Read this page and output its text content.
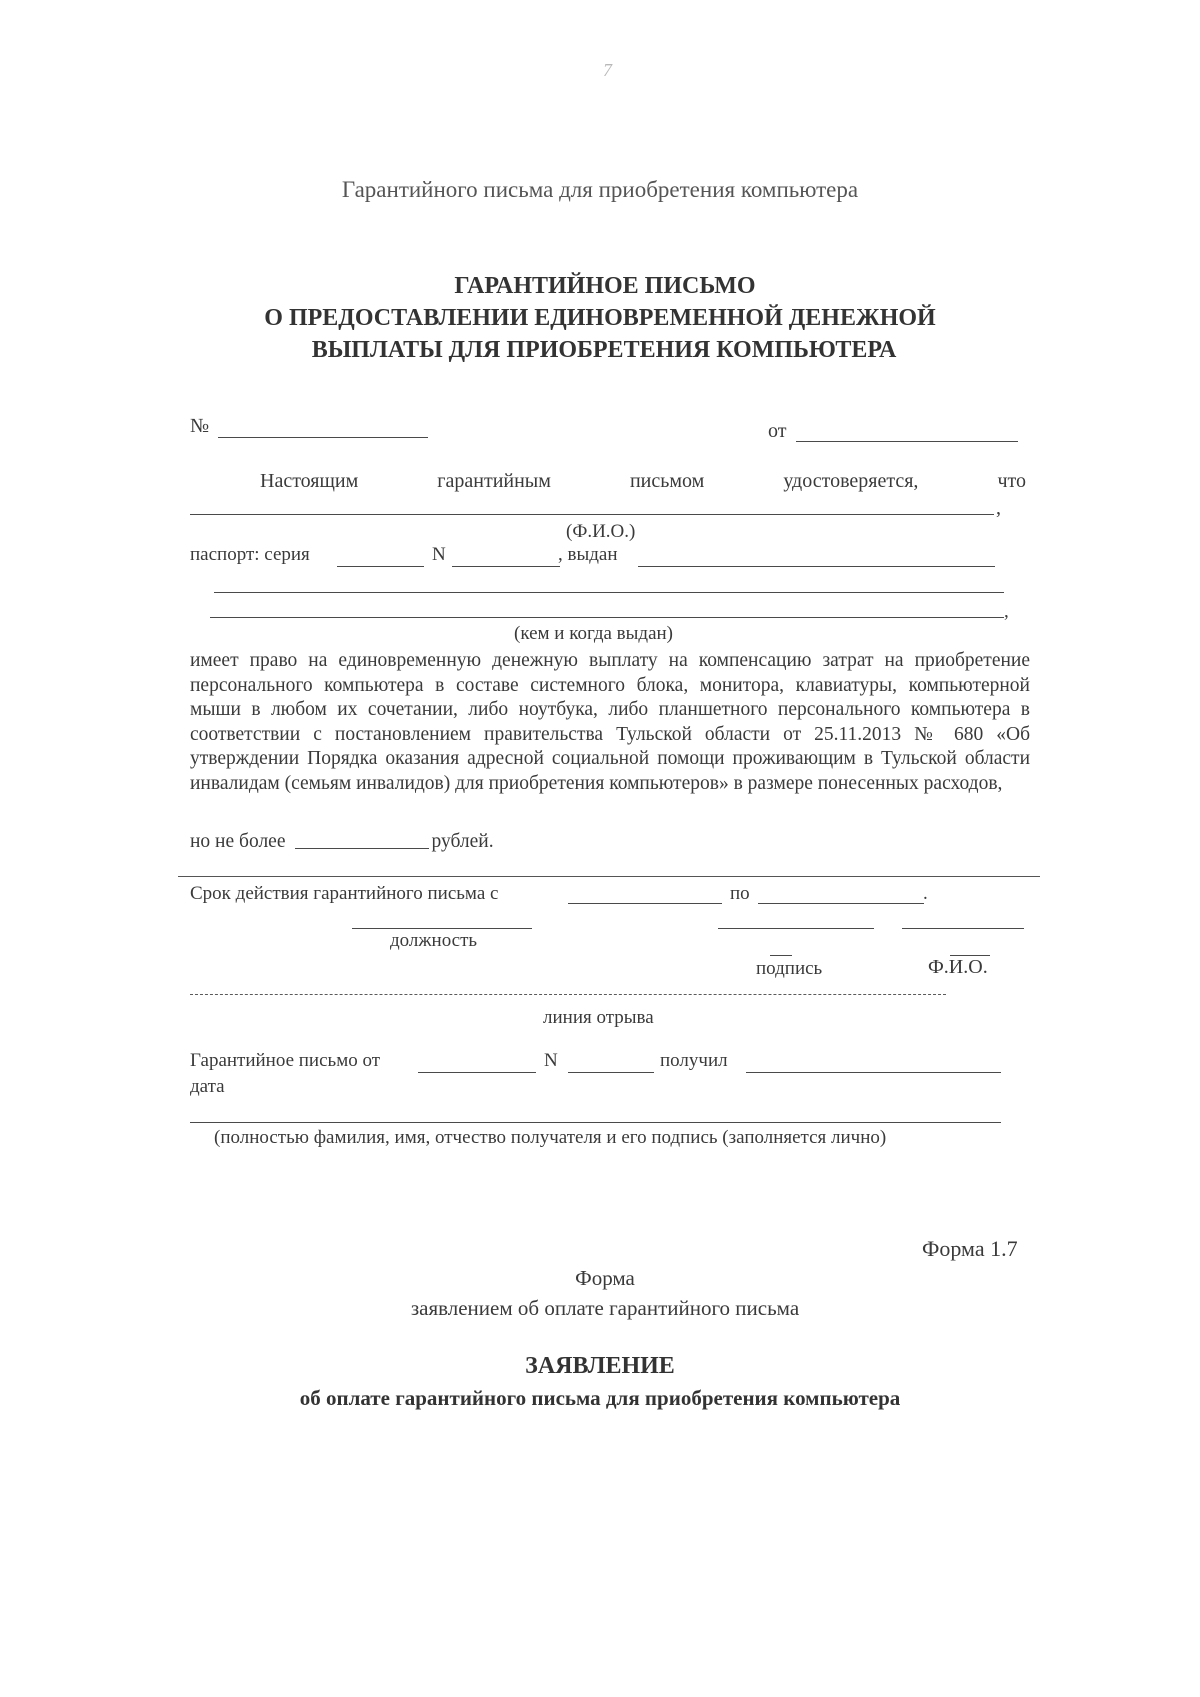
7
Гарантийного письма для приобретения компьютера
ГАРАНТИЙНОЕ ПИСЬМО
О ПРЕДОСТАВЛЕНИИ ЕДИНОВРЕМЕННОЙ ДЕНЕЖНОЙ
ВЫПЛАТЫ ДЛЯ ПРИОБРЕТЕНИЯ КОМПЬЮТЕРА
№	от
Настоящим	гарантийным	письмом	удостоверяется,	что
,
(Ф.И.О.)
паспорт: серия	N	, выдан
,
(кем и когда выдан)
имеет право на единовременную денежную выплату на компенсацию затрат на приобретение персонального компьютера в составе системного блока, монитора, клавиатуры, компьютерной мыши в любом их сочетании, либо ноутбука, либо планшетного персонального компьютера в соответствии с постановлением правительства Тульской области от 25.11.2013 № 680 «Об утверждении Порядка оказания адресной социальной помощи проживающим в Тульской области инвалидам (семьям инвалидов) для приобретения компьютеров» в размере понесенных расходов,
но не более	рублей.
Срок действия гарантийного письма с	по	.
должность
подпись	Ф.И.О.
линия отрыва
Гарантийное письмо от	N	получил
дата
(полностью фамилия, имя, отчество получателя и его подпись (заполняется лично)
Форма 1.7
Форма
заявлением об оплате гарантийного письма
ЗАЯВЛЕНИЕ
об оплате гарантийного письма для приобретения компьютера
